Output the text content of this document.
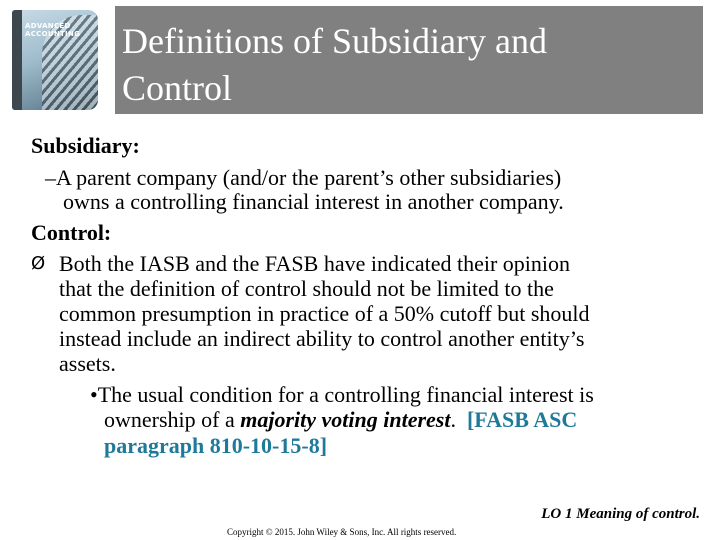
ADVANCED ACCOUNTING	Definitions of Subsidiary and
Control
Subsidiary:
–A parent company (and/or the parent’s other subsidiaries)
owns a controlling financial interest in another company.
Control:
Ø Both the IASB and the FASB have indicated their opinion
that the definition of control should not be limited to the
common presumption in practice of a 50% cutoff but should
instead include an indirect ability to control another entity’s
assets.
•The usual condition for a controlling financial interest is
ownership of a majority voting interest.  [FASB ASC
paragraph 810-10-15-8]
LO 1 Meaning of control.
Copyright © 2015. John Wiley & Sons, Inc. All rights reserved.
